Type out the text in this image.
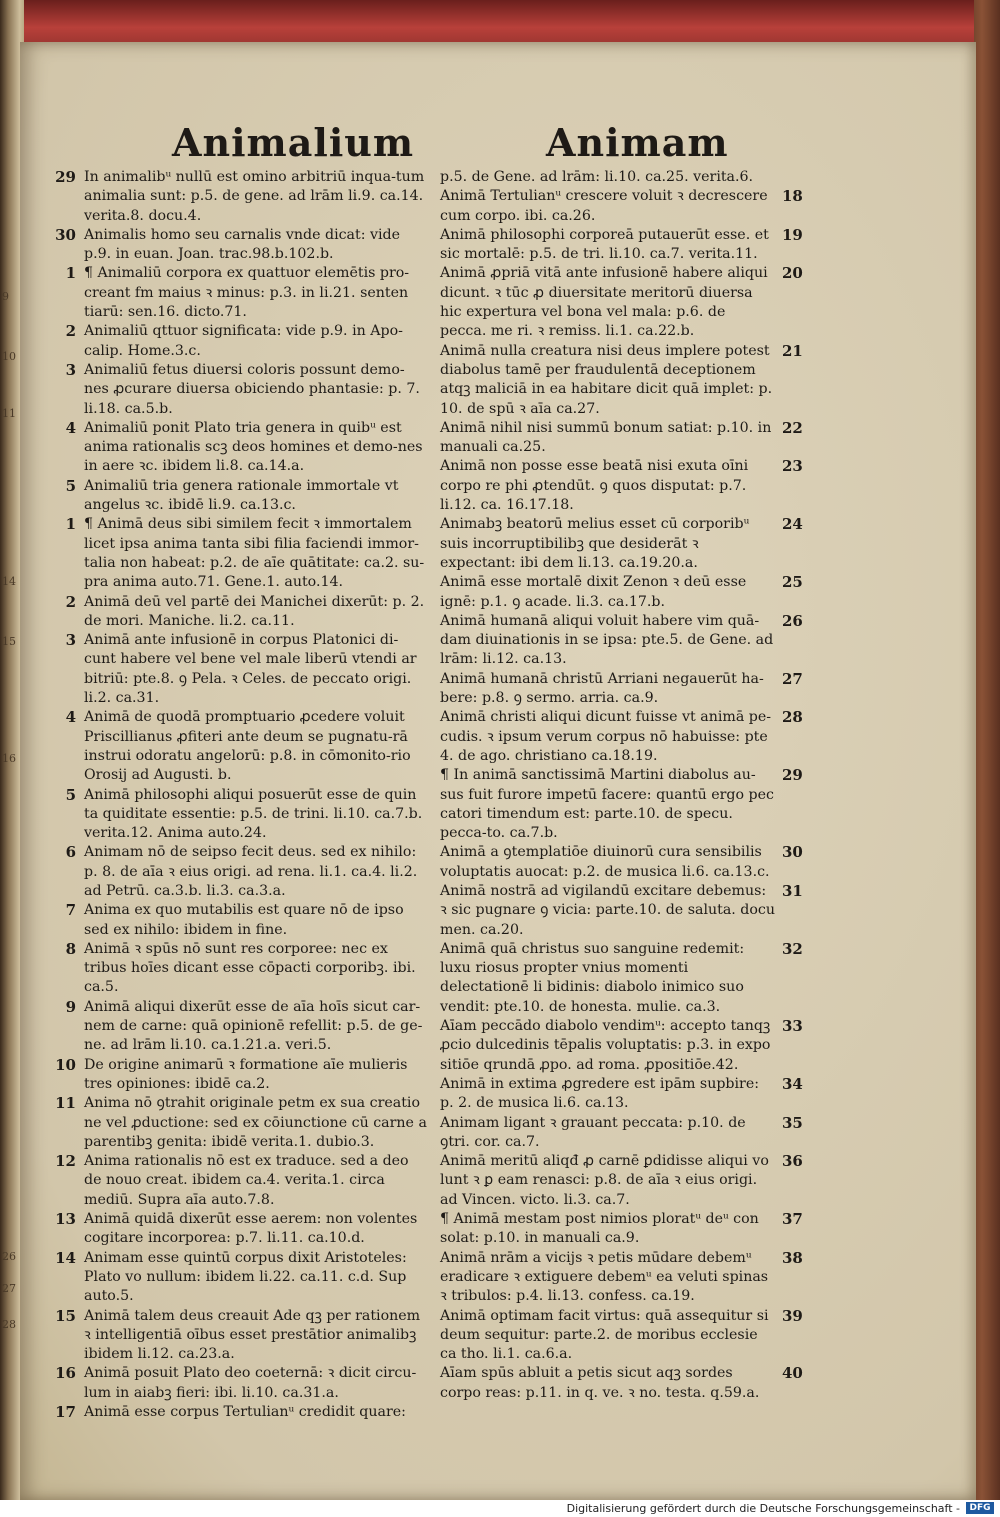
9
10
11
14
15
16
26
27
28
Animalium	Animam

29 In animalibᵘ nullū est omino arbitriū inqua-tum animalia sunt: p.5. de gene. ad lrām li.9. ca.14. verita.8. docu.4.

30 Animalis homo seu carnalis vnde dicat: vide p.9. in euan. Joan. trac.98.b.102.b.

1 ¶ Animaliū corpora ex quattuor elemētis pro-creant fm maius ꝛ minus: p.3. in li.21. senten tiarū: sen.16. dicto.71.

2 Animaliū qttuor significata: vide p.9. in Apo-calip. Home.3.c.

3 Animaliū fetus diuersi coloris possunt demo-nes ꝓcurare diuersa obiciendo phantasie: p. 7. li.18. ca.5.b.

4 Animaliū ponit Plato tria genera in quibᵘ est anima rationalis scꝫ deos homines et demo-nes in aere ꝛc. ibidem li.8. ca.14.a.

5 Animaliū tria genera rationale immortale vt angelus ꝛc. ibidē li.9. ca.13.c.

1 ¶ Animā deus sibi similem fecit ꝛ immortalem licet ipsa anima tanta sibi filia faciendi immor-talia non habeat: p.2. de aīe quātitate: ca.2. su-pra anima auto.71. Gene.1. auto.14.

2 Animā deū vel partē dei Manichei dixerūt: p. 2. de mori. Maniche. li.2. ca.11.

3 Animā ante infusionē in corpus Platonici di-cunt habere vel bene vel male liberū vtendi ar bitriū: pte.8. ꝯ Pela. ꝛ Celes. de peccato origi. li.2. ca.31.

4 Animā de quodā promptuario ꝓcedere voluit Priscillianus ꝓfiteri ante deum se pugnatu-rā instrui odoratu angelorū: p.8. in cōmonito-rio Orosij ad Augusti. b.

5 Animā philosophi aliqui posuerūt esse de quin ta quiditate essentie: p.5. de trini. li.10. ca.7.b. verita.12. Anima auto.24.

6 Animam nō de seipso fecit deus. sed ex nihilo: p. 8. de aīa ꝛ eius origi. ad rena. li.1. ca.4. li.2. ad Petrū. ca.3.b. li.3. ca.3.a.

7 Anima ex quo mutabilis est quare nō de ipso sed ex nihilo: ibidem in fine.

8 Animā ꝛ spūs nō sunt res corporee: nec ex tribus hoīes dicant esse cōpacti corporibꝫ. ibi. ca.5.

9 Animā aliqui dixerūt esse de aīa hoīs sicut car-nem de carne: quā opinionē refellit: p.5. de ge-ne. ad lrām li.10. ca.1.21.a. veri.5.

10 De origine animarū ꝛ formatione aīe mulieris tres opiniones: ibidē ca.2.

11 Anima nō ꝯtrahit originale petm ex sua creatio ne vel ꝓductione: sed ex cōiunctione cū carne a parentibꝫ genita: ibidē verita.1. dubio.3.

12 Anima rationalis nō est ex traduce. sed a deo de nouo creat. ibidem ca.4. verita.1. circa mediū. Supra aīa auto.7.8.

13 Animā quidā dixerūt esse aerem: non volentes cogitare incorporea: p.7. li.11. ca.10.d.

14 Animam esse quintū corpus dixit Aristoteles: Plato vo nullum: ibidem li.22. ca.11. c.d. Sup auto.5.

15 Animā talem deus creauit Ade qꝫ per rationem ꝛ intelligentiā oībus esset prestātior animalibꝫ ibidem li.12. ca.23.a.

16 Animā posuit Plato deo coeternā: ꝛ dicit circu-lum in aiabꝫ fieri: ibi. li.10. ca.31.a.

17 Animā esse corpus Tertulianᵘ credidit quare:

p.5. de Gene. ad lrām: li.10. ca.25. verita.6.

18
Animā Tertulianᵘ crescere voluit ꝛ decrescere cum corpo. ibi. ca.26.

19
Animā philosophi corporeā putauerūt esse. et sic mortalē: p.5. de tri. li.10. ca.7. verita.11.

20
Animā ꝓpriā vitā ante infusionē habere aliqui dicunt. ꝛ tūc ꝓ diuersitate meritorū diuersa hic expertura vel bona vel mala: p.6. de pecca. me ri. ꝛ remiss. li.1. ca.22.b.

21
Animā nulla creatura nisi deus implere potest diabolus tamē per fraudulentā deceptionem atqꝫ maliciā in ea habitare dicit quā implet: p. 10. de spū ꝛ aīa ca.27.

22
Animā nihil nisi summū bonum satiat: p.10. in manuali ca.25.

23
Animā non posse esse beatā nisi exuta oīni corpo re phi ꝓtendūt. ꝯ quos disputat: p.7. li.12. ca. 16.17.18.

24
Animabꝫ beatorū melius esset cū corporibᵘ suis incorruptibilibꝫ que desiderāt ꝛ expectant: ibi dem li.13. ca.19.20.a.

25
Animā esse mortalē dixit Zenon ꝛ deū esse ignē: p.1. ꝯ acade. li.3. ca.17.b.

26
Animā humanā aliqui voluit habere vim quā-dam diuinationis in se ipsa: pte.5. de Gene. ad lrām: li.12. ca.13.

27
Animā humanā christū Arriani negauerūt ha-bere: p.8. ꝯ sermo. arria. ca.9.

28
Animā christi aliqui dicunt fuisse vt animā pe-cudis. ꝛ ipsum verum corpus nō habuisse: pte 4. de ago. christiano ca.18.19.

29
¶ In animā sanctissimā Martini diabolus au-sus fuit furore impetū facere: quantū ergo pec catori timendum est: parte.10. de specu. pecca-to. ca.7.b.

30
Animā a ꝯtemplatiōe diuinorū cura sensibilis voluptatis auocat: p.2. de musica li.6. ca.13.c.

31
Animā nostrā ad vigilandū excitare debemus: ꝛ sic pugnare ꝯ vicia: parte.10. de saluta. docu men. ca.20.

32
Animā quā christus suo sanguine redemit: luxu riosus propter vnius momenti delectationē li bidinis: diabolo inimico suo vendit: pte.10. de honesta. mulie. ca.3.

33
Aīam peccādo diabolo vendimᵘ: accepto tanqꝫ ꝓcio dulcedinis tēpalis voluptatis: p.3. in expo sitiōe qrundā ꝓpo. ad roma. ꝓpositiōe.42.

34
Animā in extima ꝓgredere est ipām supbire: p. 2. de musica li.6. ca.13.

35
Animam ligant ꝛ grauant peccata: p.10. de ꝯtri. cor. ca.7.

36
Animā meritū aliqđ ꝓ carnē ꝑdidisse aliqui vo lunt ꝛ ꝑ eam renasci: p.8. de aīa ꝛ eius origi. ad Vincen. victo. li.3. ca.7.

37
¶ Animā mestam post nimios ploratᵘ deᵘ con solat: p.10. in manuali ca.9.

38
Animā nrām a vicijs ꝛ petis mūdare debemᵘ eradicare ꝛ extiguere debemᵘ ea veluti spinas ꝛ tribulos: p.4. li.13. confess. ca.19.

39
Animā optimam facit virtus: quā assequitur si deum sequitur: parte.2. de moribus ecclesie ca tho. li.1. ca.6.a.

40
Aīam spūs abluit a petis sicut aqꝫ sordes corpo reas: p.11. in q. ve. ꝛ no. testa. q.59.a.

Digitalisierung gefördert durch die Deutsche Forschungsgemeinschaft -	DFG
